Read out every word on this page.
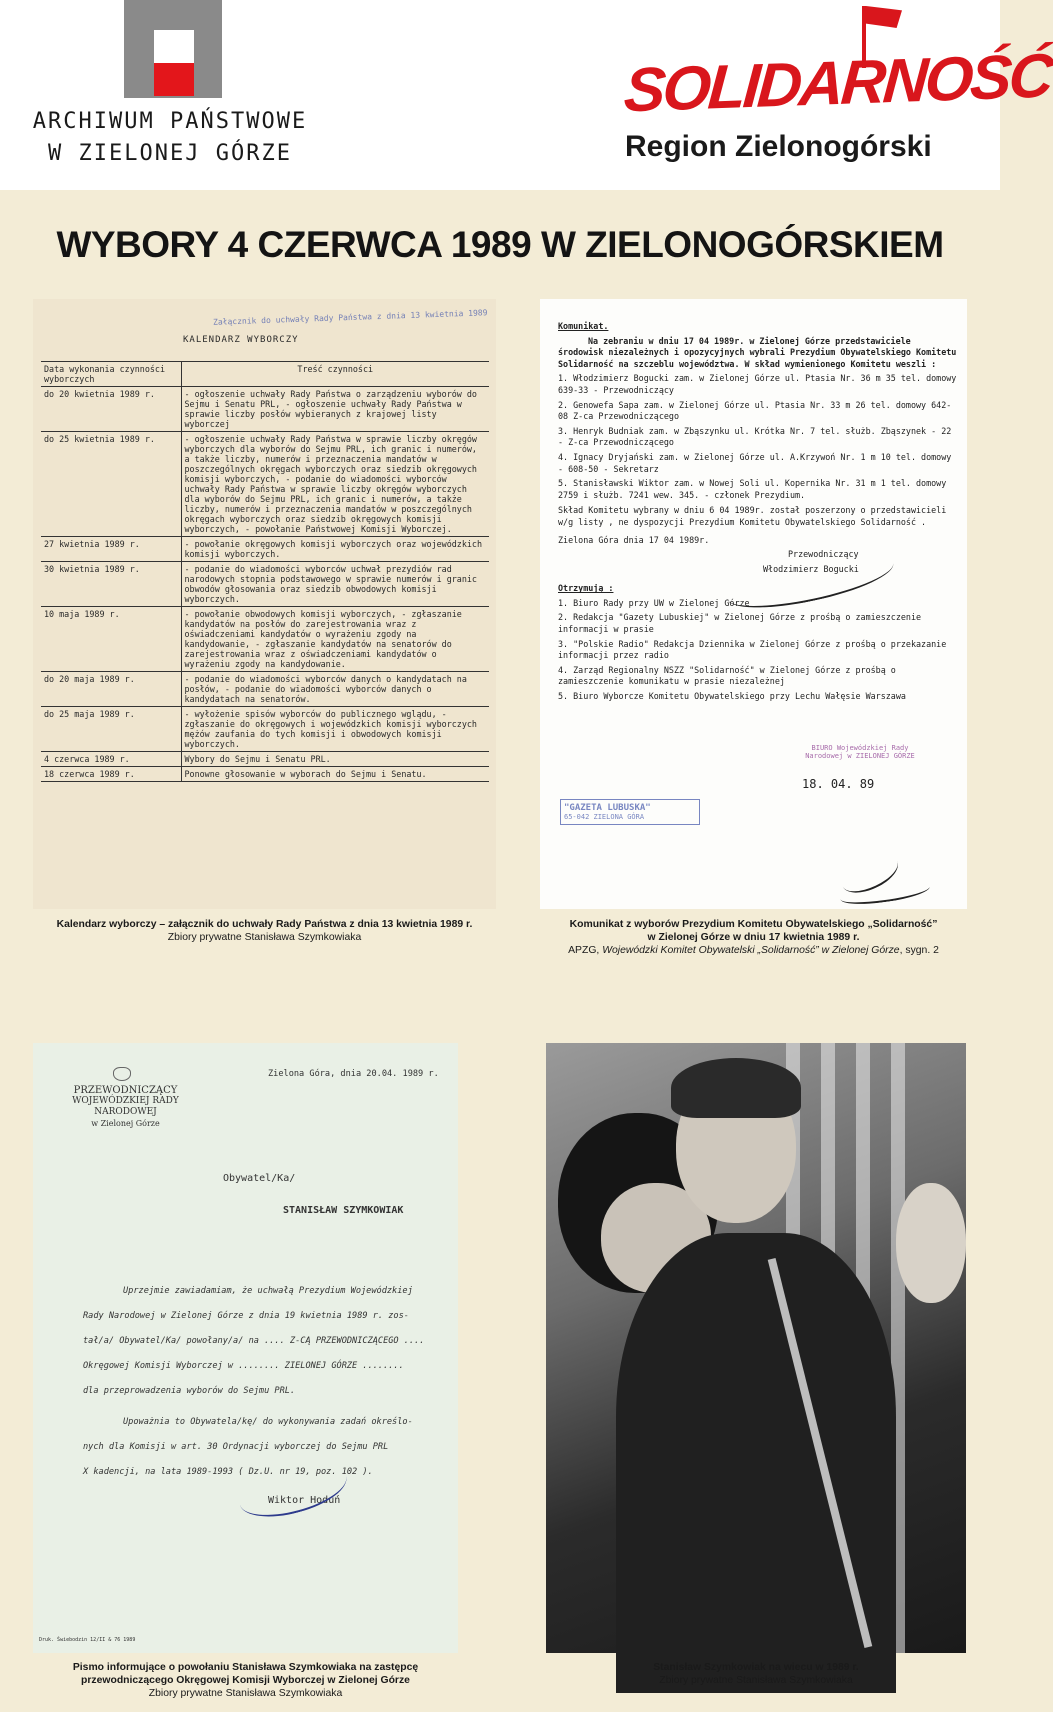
ARCHIWUM PAŃSTWOWE
W ZIELONEJ GÓRZE
SOLIDARNOŚĆ
Region Zielonogórski
WYBORY 4 CZERWCA 1989 W ZIELONOGÓRSKIEM
Załącznik do uchwały Rady Państwa z dnia 13 kwietnia 1989
KALENDARZ WYBORCZY
Data wykonania czynności wyborczych	Treść czynności
do 20 kwietnia 1989 r.	- ogłoszenie uchwały Rady Państwa o zarządzeniu wyborów do Sejmu i Senatu PRL, - ogłoszenie uchwały Rady Państwa w sprawie liczby posłów wybieranych z krajowej listy wyborczej
do 25 kwietnia 1989 r.	- ogłoszenie uchwały Rady Państwa w sprawie liczby okręgów wyborczych dla wyborów do Sejmu PRL, ich granic i numerów, a także liczby, numerów i przeznaczenia mandatów w poszczególnych okręgach wyborczych oraz siedzib okręgowych komisji wyborczych, - podanie do wiadomości wyborców uchwały Rady Państwa w sprawie liczby okręgów wyborczych dla wyborów do Sejmu PRL, ich granic i numerów, a także liczby, numerów i przeznaczenia mandatów w poszczególnych okręgach wyborczych oraz siedzib okręgowych komisji wyborczych, - powołanie Państwowej Komisji Wyborczej.
27 kwietnia 1989 r.	- powołanie okręgowych komisji wyborczych oraz wojewódzkich komisji wyborczych.
30 kwietnia 1989 r.	- podanie do wiadomości wyborców uchwał prezydiów rad narodowych stopnia podstawowego w sprawie numerów i granic obwodów głosowania oraz siedzib obwodowych komisji wyborczych.
10 maja 1989 r.	- powołanie obwodowych komisji wyborczych, - zgłaszanie kandydatów na posłów do zarejestrowania wraz z oświadczeniami kandydatów o wyrażeniu zgody na kandydowanie, - zgłaszanie kandydatów na senatorów do zarejestrowania wraz z oświadczeniami kandydatów o wyrażeniu zgody na kandydowanie.
do 20 maja 1989 r.	- podanie do wiadomości wyborców danych o kandydatach na posłów, - podanie do wiadomości wyborców danych o kandydatach na senatorów.
do 25 maja 1989 r.	- wyłożenie spisów wyborców do publicznego wglądu, - zgłaszanie do okręgowych i wojewódzkich komisji wyborczych mężów zaufania do tych komisji i obwodowych komisji wyborczych.
4 czerwca 1989 r.	Wybory do Sejmu i Senatu PRL.
18 czerwca 1989 r.	Ponowne głosowanie w wyborach do Sejmu i Senatu.
Kalendarz wyborczy – załącznik do uchwały Rady Państwa z dnia 13 kwietnia 1989 r.
Zbiory prywatne Stanisława Szymkowiaka

Komunikat.

Na zebraniu w dniu 17 04 1989r. w Zielonej Górze przedstawiciele środowisk niezależnych i opozycyjnych wybrali Prezydium Obywatelskiego Komitetu Solidarność na szczeblu województwa. W skład wymienionego Komitetu weszli :

1. Włodzimierz Bogucki zam. w Zielonej Górze ul. Ptasia Nr. 36 m 35 tel. domowy 639-33 - Przewodniczący

2. Genowefa Sapa zam. w Zielonej Górze ul. Ptasia Nr. 33 m 26 tel. domowy 642-08 Z-ca Przewodniczącego

3. Henryk Budniak zam. w Zbąszynku ul. Krótka Nr. 7 tel. służb. Zbąszynek - 22 - Z-ca Przewodniczącego

4. Ignacy Dryjański zam. w Zielonej Górze ul. A.Krzywoń Nr. 1 m 10 tel. domowy - 608-50 - Sekretarz

5. Stanisławski Wiktor zam. w Nowej Soli ul. Kopernika Nr. 31 m 1 tel. domowy 2759 i służb. 7241 wew. 345. - członek Prezydium.

Skład Komitetu wybrany w dniu 6 04 1989r. został poszerzony o przedstawicieli w/g listy , ne dyspozycji Prezydium Komitetu Obywatelskiego Solidarność .

Zielona Góra dnia 17 04 1989r.

Przewodniczący

Włodzimierz Bogucki

Otrzymują :

1. Biuro Rady przy UW w Zielonej Górze

2. Redakcja "Gazety Lubuskiej" w Zielonej Górze z prośbą o zamieszczenie informacji w prasie

3. "Polskie Radio" Redakcja Dziennika w Zielonej Górze z prośbą o przekazanie informacji przez radio

4. Zarząd Regionalny NSZZ "Solidarność" w Zielonej Górze z prośbą o zamieszczenie komunikatu w prasie niezależnej

5. Biuro Wyborcze Komitetu Obywatelskiego przy Lechu Wałęsie Warszawa

"GAZETA LUBUSKA"
65-042 ZIELONA GÓRA
BIURO Wojewódzkiej Rady Narodowej w ZIELONEJ GÓRZE
18. 04. 89
Komunikat z wyborów Prezydium Komitetu Obywatelskiego „Solidarność”
w Zielonej Górze w dniu 17 kwietnia 1989 r.
APZG, Wojewódzki Komitet Obywatelski „Solidarność” w Zielonej Górze, sygn. 2
Zielona Góra, dnia 20.04. 1989 r.
PRZEWODNICZĄCY
WOJEWÓDZKIEJ RADY NARODOWEJ
w Zielonej Górze
Obywatel/Ka/
STANISŁAW SZYMKOWIAK
Uprzejmie zawiadamiam, że uchwałą Prezydium Wojewódzkiej
Rady Narodowej w Zielonej Górze z dnia 19 kwietnia 1989 r. zos-
tał/a/ Obywatel/Ka/ powołany/a/ na .... Z-CĄ PRZEWODNICZĄCEGO ....
Okręgowej Komisji Wyborczej w ........ ZIELONEJ GÓRZE ........
dla przeprowadzenia wyborów do Sejmu PRL.
Upoważnia to Obywatela/kę/ do wykonywania zadań określo-
nych dla Komisji w art. 30 Ordynacji wyborczej do Sejmu PRL
X kadencji, na lata 1989-1993 ( Dz.U. nr 19, poz. 102 ).
Wiktor Hoduń
Druk. Świebodzin 12/II & 76 1989
Pismo informujące o powołaniu Stanisława Szymkowiaka na zastępcę
przewodniczącego Okręgowej Komisji Wyborczej w Zielonej Górze
Zbiory prywatne Stanisława Szymkowiaka
Stanisław Szymkowiak na wiecu w 1989 r.
Zbiory prywatne Stanisława Szymkowiaka
